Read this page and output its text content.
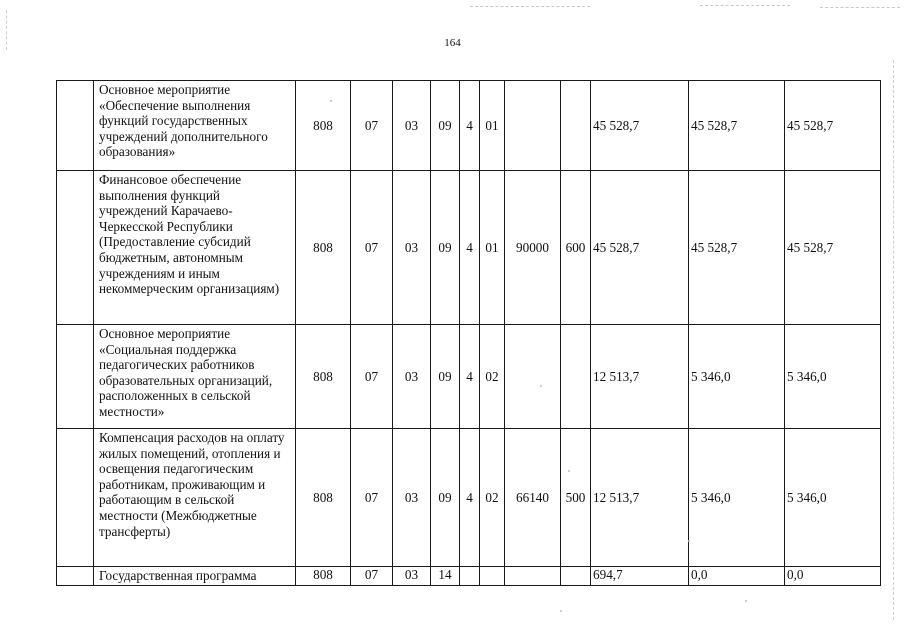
164
	Основное мероприятие «Обеспечение выполнения функций государственных учреждений дополнительного образования»	808	07	03	09	4	01			45 528,7	45 528,7	45 528,7
	Финансовое обеспечение выполнения функций учреждений Карачаево-Черкесской Республики (Предоставление субсидий бюджетным, автономным учреждениям и иным некоммерческим организациям)	808	07	03	09	4	01	90000	600	45 528,7	45 528,7	45 528,7
	Основное мероприятие «Социальная поддержка педагогических работников образовательных организаций, расположенных в сельской местности»	808	07	03	09	4	02			12 513,7	5 346,0	5 346,0
	Компенсация расходов на оплату жилых помещений, отопления и освещения педагогическим работникам, проживающим и работающим в сельской местности (Межбюджетные трансферты)	808	07	03	09	4	02	66140	500	12 513,7	5 346,0	5 346,0
	Государственная программа	808	07	03	14					694,7	0,0	0,0
